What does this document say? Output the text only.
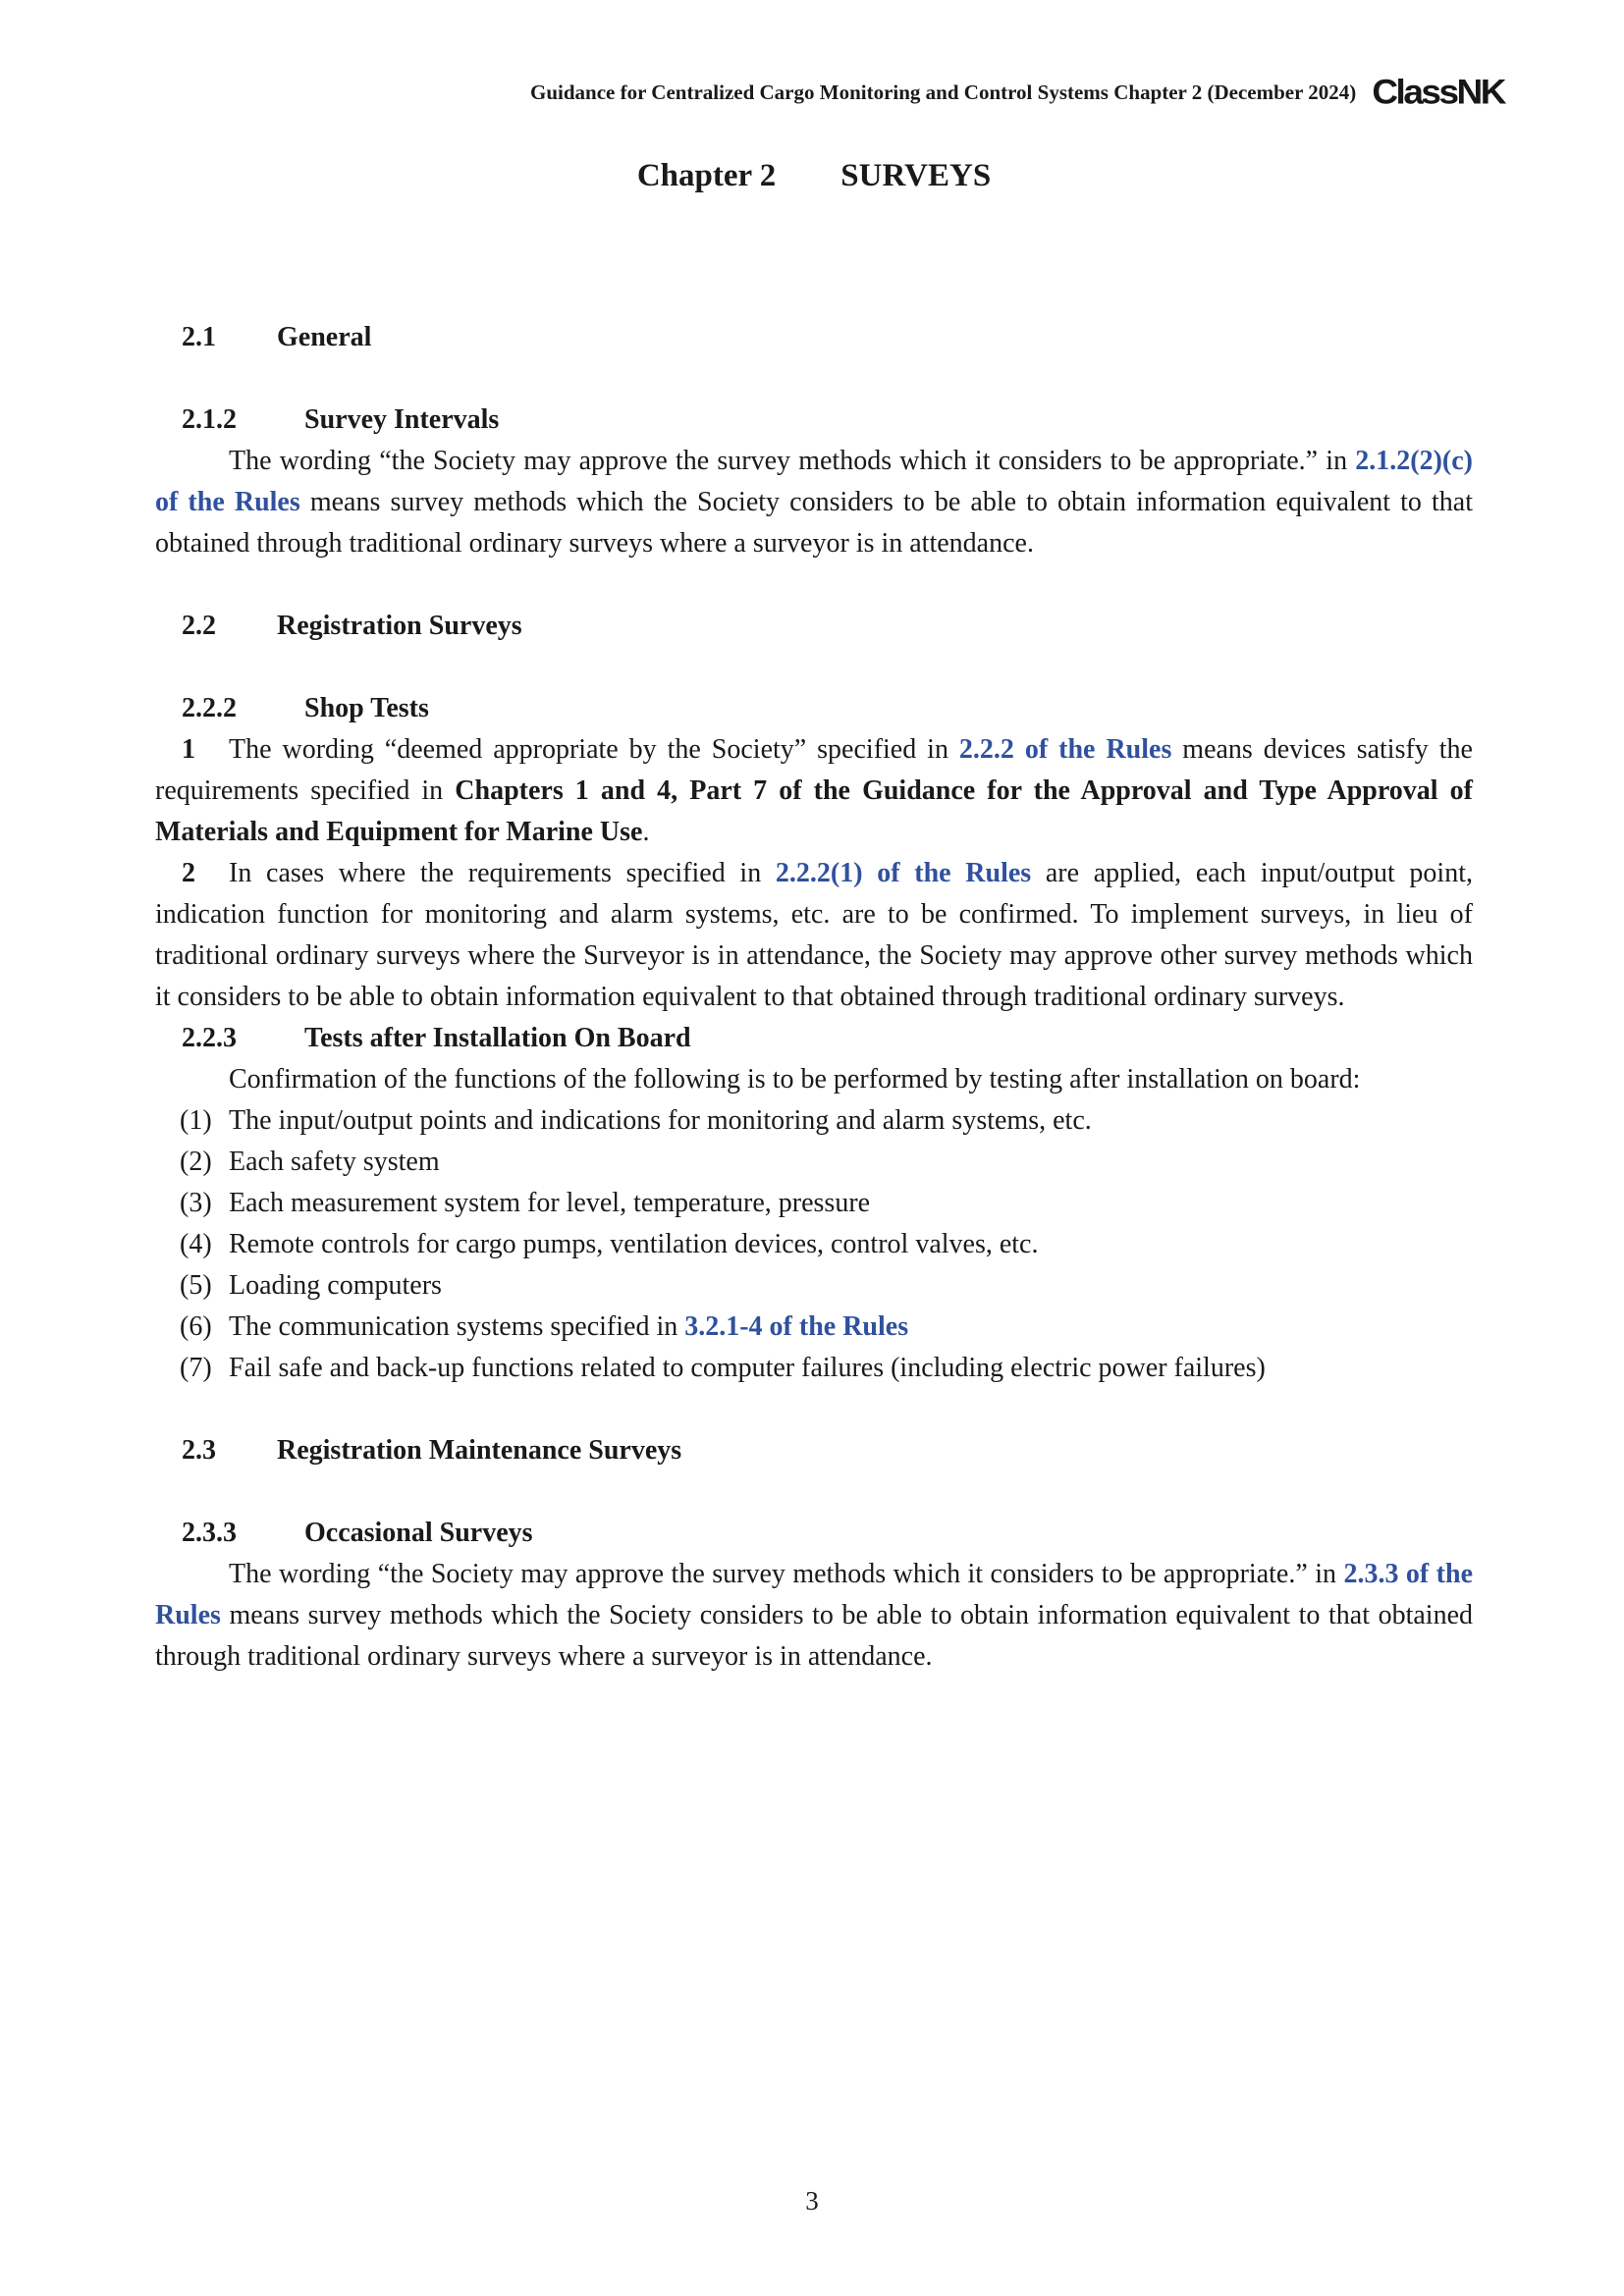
Guidance for Centralized Cargo Monitoring and Control Systems Chapter 2 (December 2024) ClassNK
Chapter 2 SURVEYS
2.1 General
2.1.2 Survey Intervals

The wording “the Society may approve the survey methods which it considers to be appropriate.” in 2.1.2(2)(c) of the Rules means survey methods which the Society considers to be able to obtain information equivalent to that obtained through traditional ordinary surveys where a surveyor is in attendance.

2.2 Registration Surveys
2.2.2 Shop Tests

1 The wording “deemed appropriate by the Society” specified in 2.2.2 of the Rules means devices satisfy the requirements specified in Chapters 1 and 4, Part 7 of the Guidance for the Approval and Type Approval of Materials and Equipment for Marine Use.

2 In cases where the requirements specified in 2.2.2(1) of the Rules are applied, each input/output point, indication function for monitoring and alarm systems, etc. are to be confirmed. To implement surveys, in lieu of traditional ordinary surveys where the Surveyor is in attendance, the Society may approve other survey methods which it considers to be able to obtain information equivalent to that obtained through traditional ordinary surveys.

2.2.3 Tests after Installation On Board

Confirmation of the functions of the following is to be performed by testing after installation on board:

(1) The input/output points and indications for monitoring and alarm systems, etc.
(2) Each safety system
(3) Each measurement system for level, temperature, pressure
(4) Remote controls for cargo pumps, ventilation devices, control valves, etc.
(5) Loading computers
(6) The communication systems specified in 3.2.1-4 of the Rules
(7) Fail safe and back-up functions related to computer failures (including electric power failures)
2.3 Registration Maintenance Surveys
2.3.3 Occasional Surveys

The wording “the Society may approve the survey methods which it considers to be appropriate.” in 2.3.3 of the Rules means survey methods which the Society considers to be able to obtain information equivalent to that obtained through traditional ordinary surveys where a surveyor is in attendance.

3
